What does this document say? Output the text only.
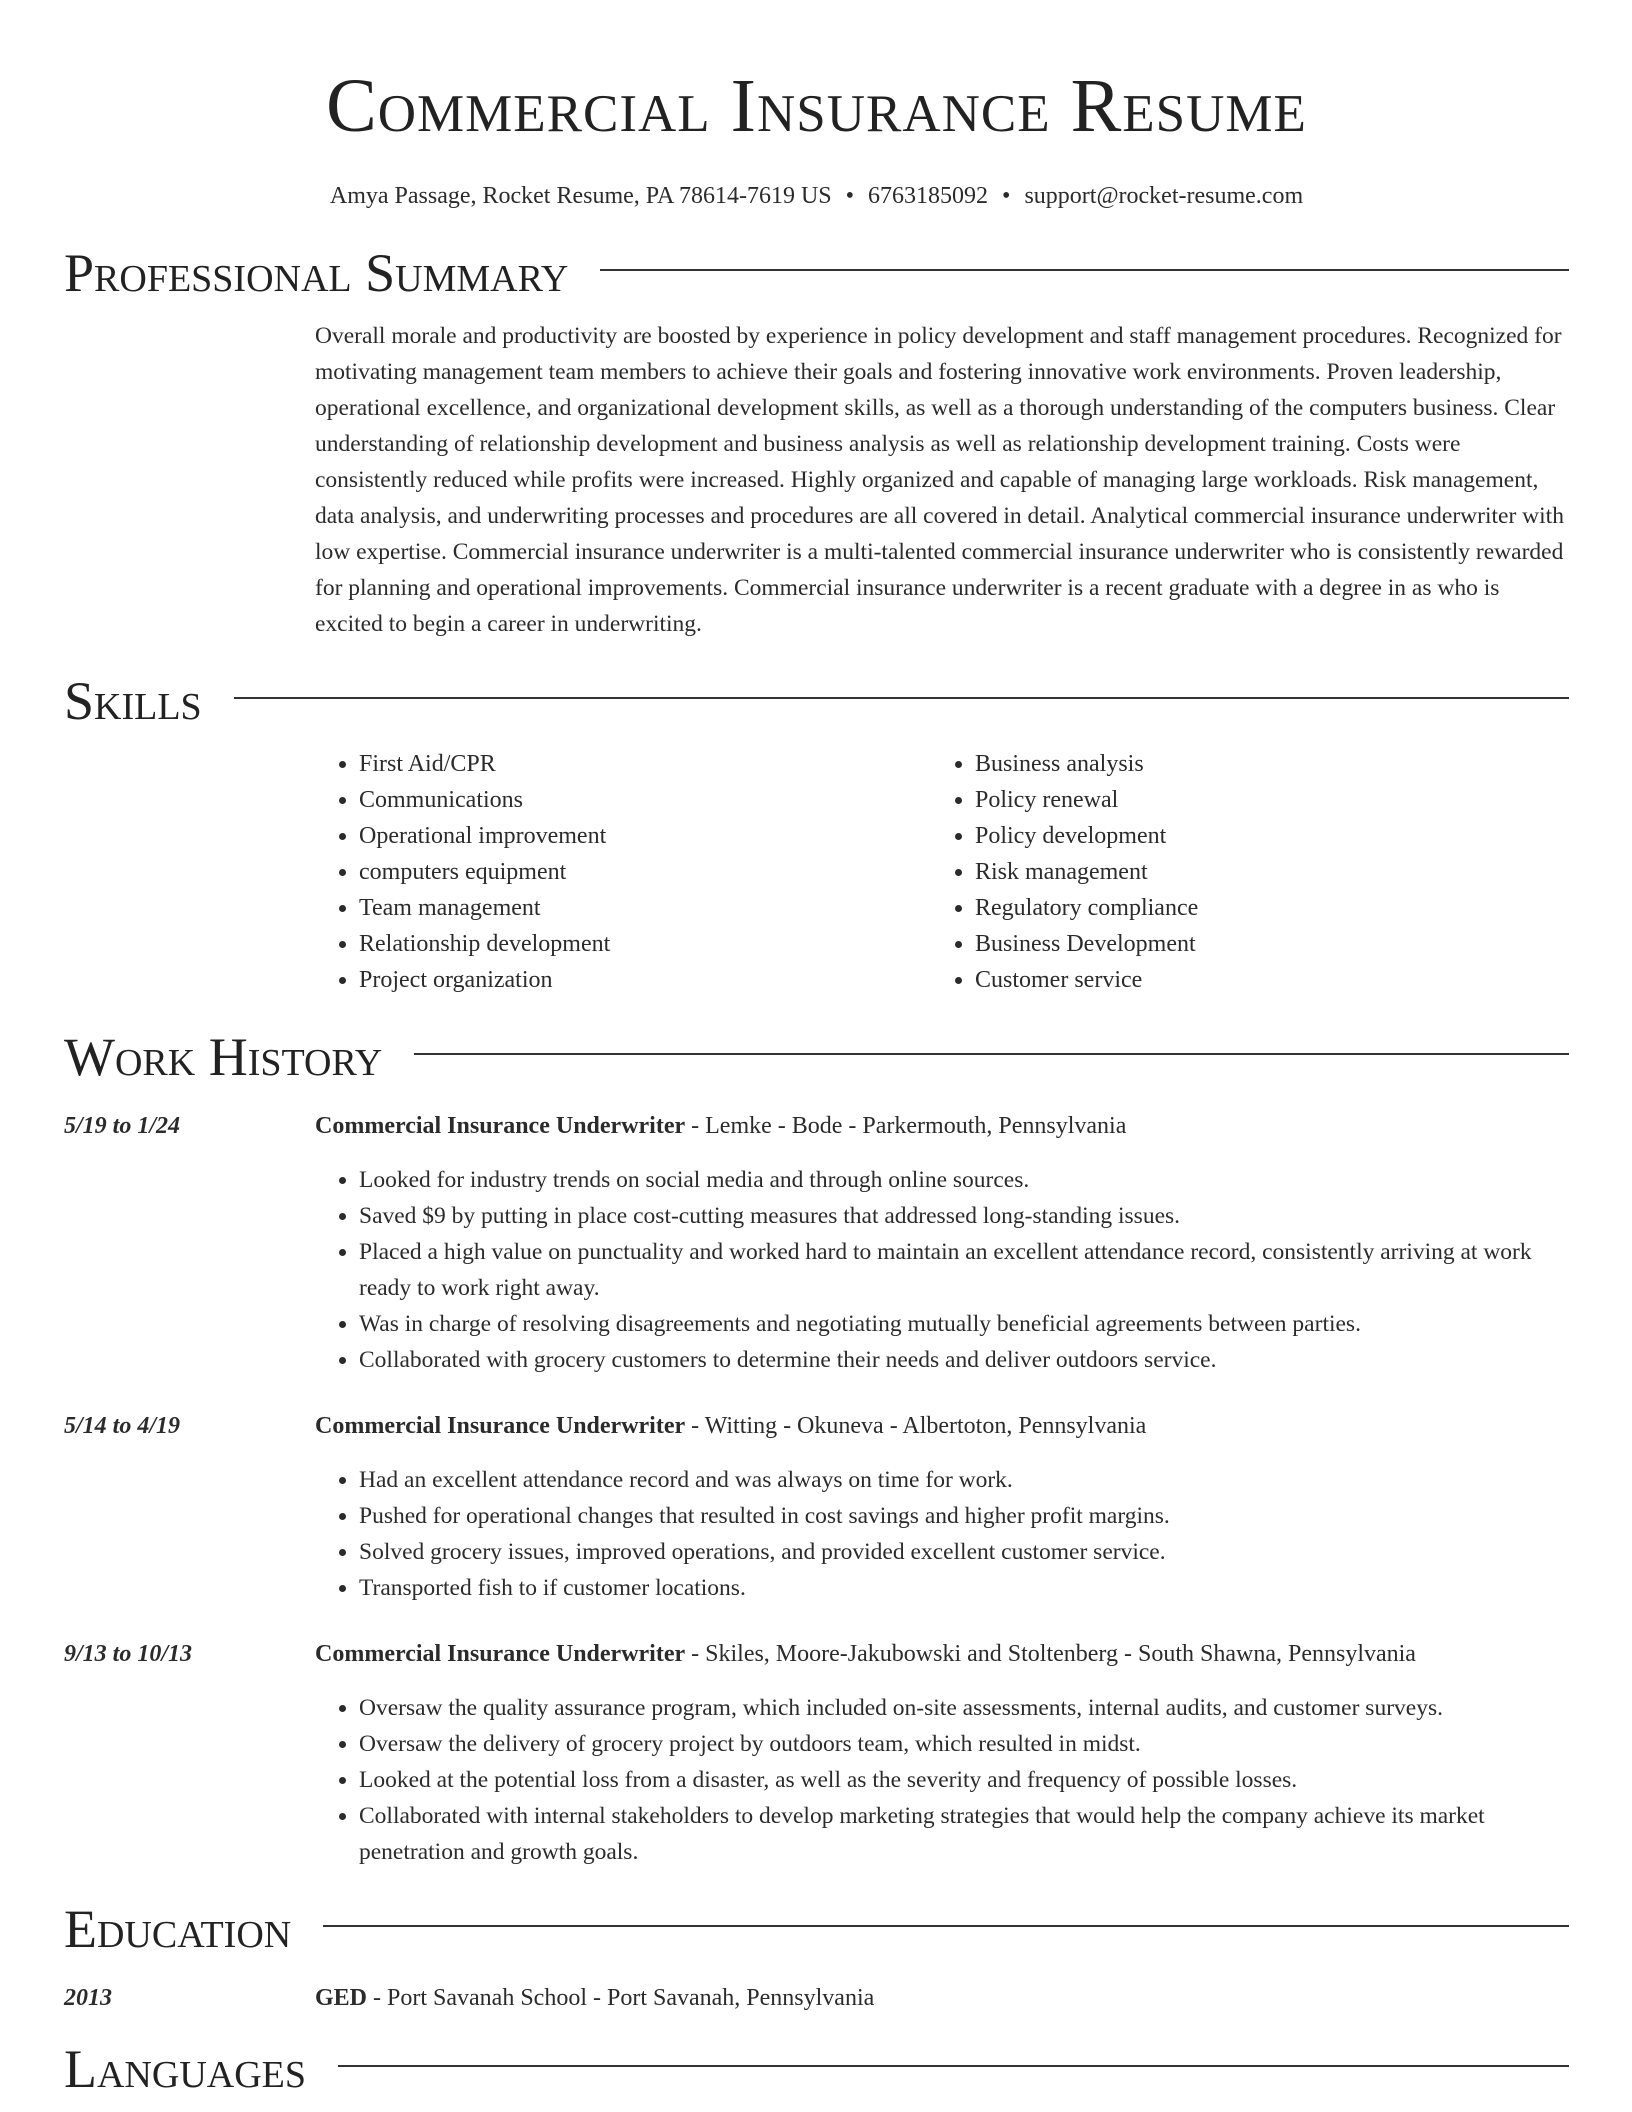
Commercial Insurance Resume
Amya Passage, Rocket Resume, PA 78614-7619 US • 6763185092 • support@rocket-resume.com
Professional Summary
Overall morale and productivity are boosted by experience in policy development and staff management procedures. Recognized for motivating management team members to achieve their goals and fostering innovative work environments. Proven leadership, operational excellence, and organizational development skills, as well as a thorough understanding of the computers business. Clear understanding of relationship development and business analysis as well as relationship development training. Costs were consistently reduced while profits were increased. Highly organized and capable of managing large workloads. Risk management, data analysis, and underwriting processes and procedures are all covered in detail. Analytical commercial insurance underwriter with low expertise. Commercial insurance underwriter is a multi-talented commercial insurance underwriter who is consistently rewarded for planning and operational improvements. Commercial insurance underwriter is a recent graduate with a degree in as who is excited to begin a career in underwriting.
Skills
• First Aid/CPR
• Communications
• Operational improvement
• computers equipment
• Team management
• Relationship development
• Project organization
• Business analysis
• Policy renewal
• Policy development
• Risk management
• Regulatory compliance
• Business Development
• Customer service
Work History
5/19 to 1/24	Commercial Insurance Underwriter - Lemke - Bode - Parkermouth, Pennsylvania
• Looked for industry trends on social media and through online sources.
• Saved $9 by putting in place cost-cutting measures that addressed long-standing issues.
• Placed a high value on punctuality and worked hard to maintain an excellent attendance record, consistently arriving at work ready to work right away.
• Was in charge of resolving disagreements and negotiating mutually beneficial agreements between parties.
• Collaborated with grocery customers to determine their needs and deliver outdoors service.
5/14 to 4/19	Commercial Insurance Underwriter - Witting - Okuneva - Albertoton, Pennsylvania
• Had an excellent attendance record and was always on time for work.
• Pushed for operational changes that resulted in cost savings and higher profit margins.
• Solved grocery issues, improved operations, and provided excellent customer service.
• Transported fish to if customer locations.
9/13 to 10/13	Commercial Insurance Underwriter - Skiles, Moore-Jakubowski and Stoltenberg - South Shawna, Pennsylvania
• Oversaw the quality assurance program, which included on-site assessments, internal audits, and customer surveys.
• Oversaw the delivery of grocery project by outdoors team, which resulted in midst.
• Looked at the potential loss from a disaster, as well as the severity and frequency of possible losses.
• Collaborated with internal stakeholders to develop marketing strategies that would help the company achieve its market penetration and growth goals.
Education
2013	GED - Port Savanah School - Port Savanah, Pennsylvania
Languages
